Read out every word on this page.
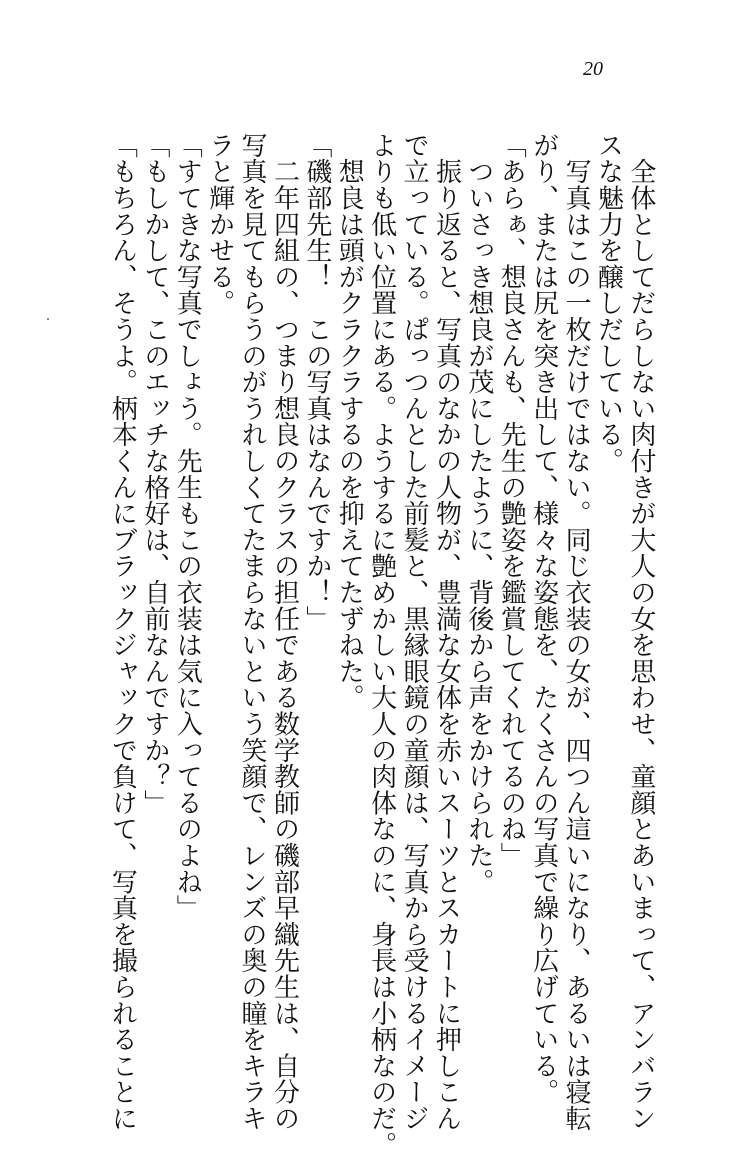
20
　全体としてだらしない肉付きが大人の女を思わせ、童顔とあいまって、アンバラン
スな魅力を醸しだしている。
　写真はこの一枚だけではない。同じ衣装の女が、四つん這いになり、あるいは寝転
がり、または尻を突き出して、様々な姿態を、たくさんの写真で繰り広げている。
「あらぁ、想良さんも、先生の艶姿を鑑賞してくれてるのね」
　ついさっき想良が茂にしたように、背後から声をかけられた。
　振り返ると、写真のなかの人物が、豊満な女体を赤いスーツとスカートに押しこん
で立っている。ぱっつんとした前髪と、黒縁眼鏡の童顔は、写真から受けるイメージ
よりも低い位置にある。ようするに艶めかしい大人の肉体なのに、身長は小柄なのだ。
　想良は頭がクラクラするのを抑えてたずねた。
「磯部先生！　この写真はなんですか！」
　二年四組の、つまり想良のクラスの担任である数学教師の磯部早織先生は、自分の
写真を見てもらうのがうれしくてたまらないという笑顔で、レンズの奥の瞳をキラキ
ラと輝かせる。
「すてきな写真でしょう。先生もこの衣装は気に入ってるのよね」
「もしかして、このエッチな格好は、自前なんですか？」
「もちろん、そうよ。柄本くんにブラックジャックで負けて、写真を撮られることに
